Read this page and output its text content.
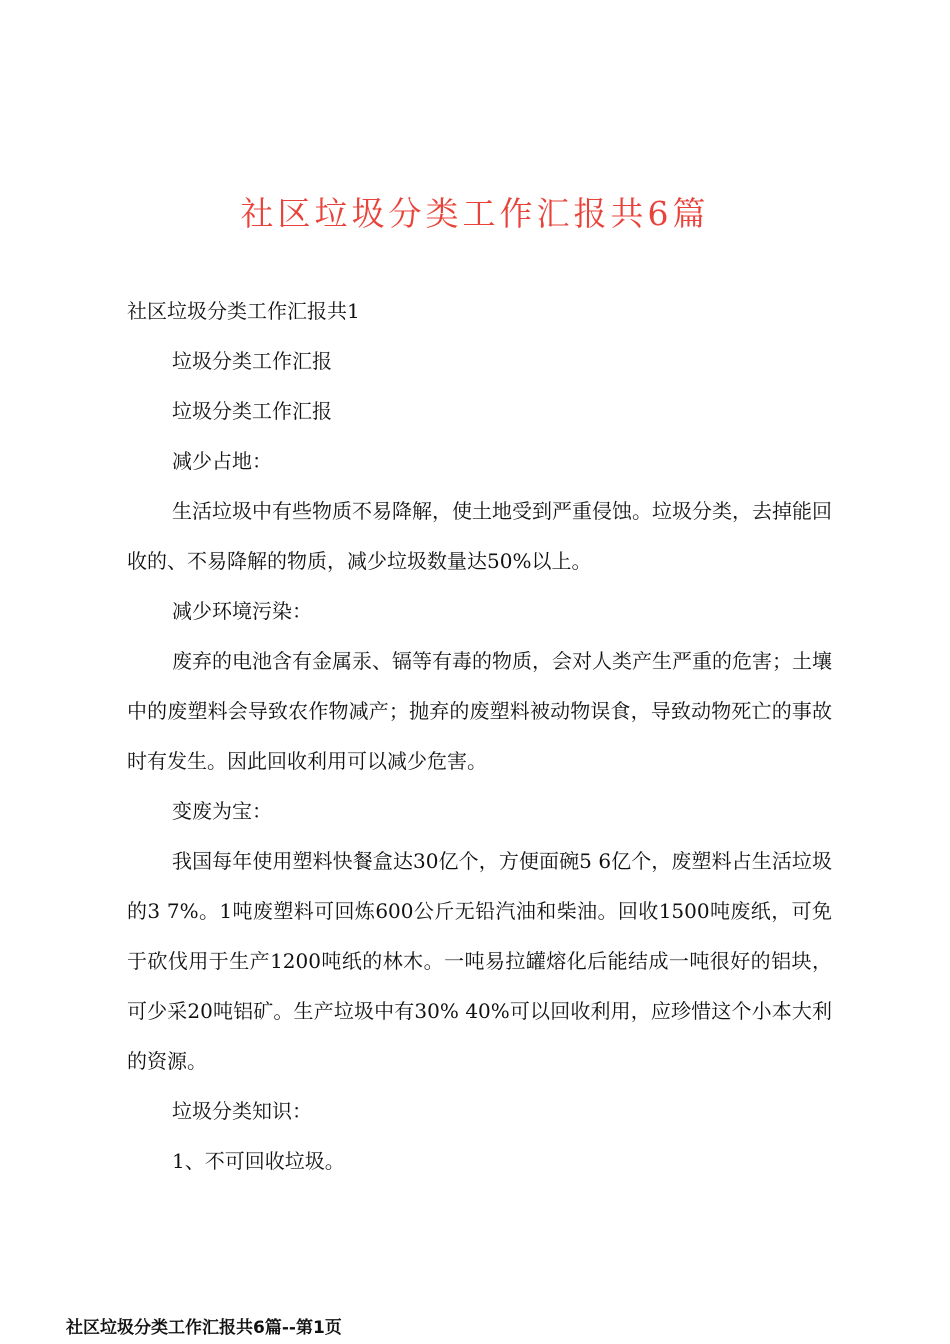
社区垃圾分类工作汇报共6篇

社区垃圾分类工作汇报共1

垃圾分类工作汇报

垃圾分类工作汇报

减少占地：

生活垃圾中有些物质不易降解，使土地受到严重侵蚀。垃圾分类，去掉能回收的、不易降解的物质，减少垃圾数量达50%以上。

减少环境污染：

废弃的电池含有金属汞、镉等有毒的物质，会对人类产生严重的危害；土壤中的废塑料会导致农作物减产；抛弃的废塑料被动物误食，导致动物死亡的事故时有发生。因此回收利用可以减少危害。

变废为宝：

我国每年使用塑料快餐盒达30亿个，方便面碗5 6亿个，废塑料占生活垃圾的3 7%。1吨废塑料可回炼600公斤无铅汽油和柴油。回收1500吨废纸，可免于砍伐用于生产1200吨纸的林木。一吨易拉罐熔化后能结成一吨很好的铝块，可少采20吨铝矿。生产垃圾中有30% 40%可以回收利用，应珍惜这个小本大利的资源。

垃圾分类知识：

1、不可回收垃圾。

社区垃圾分类工作汇报共6篇--第1页
